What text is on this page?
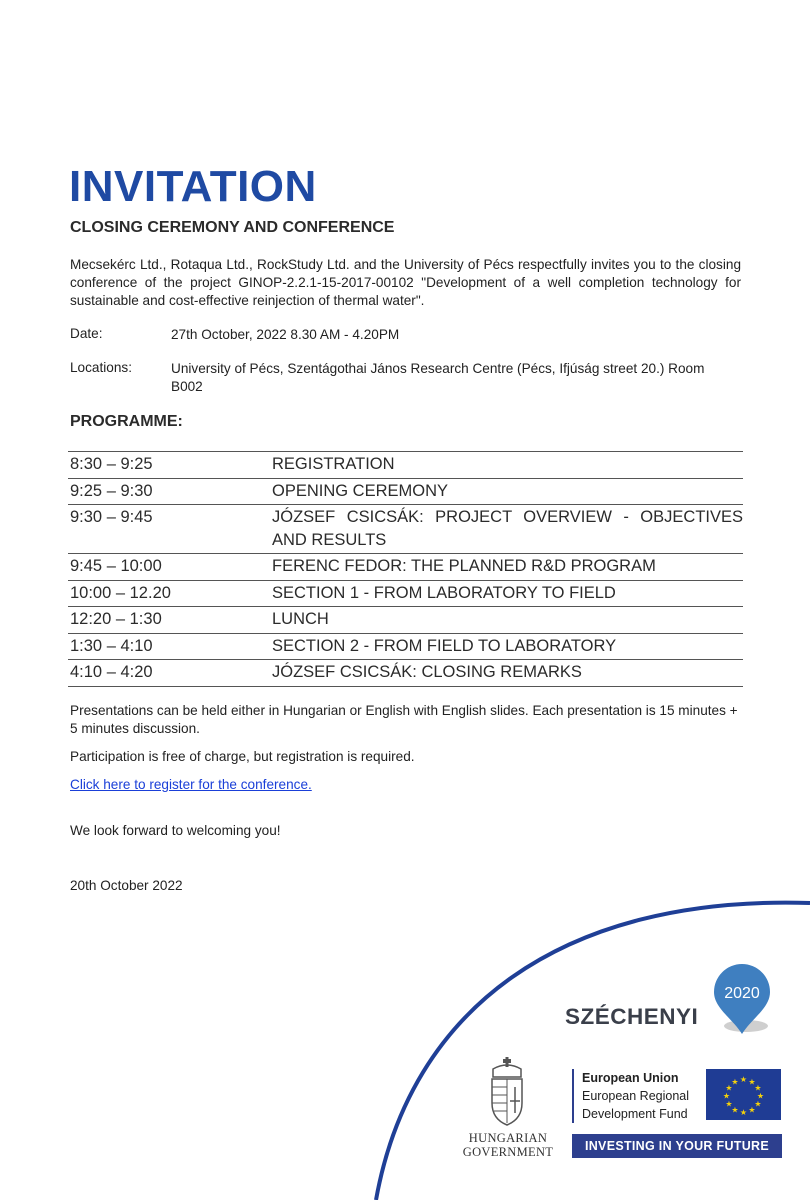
INVITATION
CLOSING CEREMONY AND CONFERENCE
Mecsekérc Ltd., Rotaqua Ltd., RockStudy Ltd. and the University of Pécs respectfully invites you to the closing conference of the project GINOP-2.2.1-15-2017-00102 "Development of a well completion technology for sustainable and cost-effective reinjection of thermal water".
Date:	27th October, 2022 8.30 AM - 4.20PM
Locations:	University of Pécs, Szentágothai János Research Centre (Pécs, Ifjúság street 20.) Room B002
PROGRAMME:
8:30 – 9:25	REGISTRATION
9:25 – 9:30	OPENING CEREMONY
9:30 – 9:45	JÓZSEF CSICSÁK: PROJECT OVERVIEW - OBJECTIVES AND RESULTS
9:45 – 10:00	FERENC FEDOR: THE PLANNED R&D PROGRAM
10:00 – 12.20	SECTION 1 - FROM LABORATORY TO FIELD
12:20 – 1:30	LUNCH
1:30 – 4:10	SECTION 2 - FROM FIELD TO LABORATORY
4:10 – 4:20	JÓZSEF CSICSÁK: CLOSING REMARKS
Presentations can be held either in Hungarian or English with English slides. Each presentation is 15 minutes + 5 minutes discussion.
Participation is free of charge, but registration is required.
Click here to register for the conference.
We look forward to welcoming you!
20th October 2022
SZÉCHENYI
2020
HUNGARIAN
GOVERNMENT
European Union
European Regional
Development Fund
★ ★
★
★
★
★
★
★
★
★
★
★
INVESTING IN YOUR FUTURE
